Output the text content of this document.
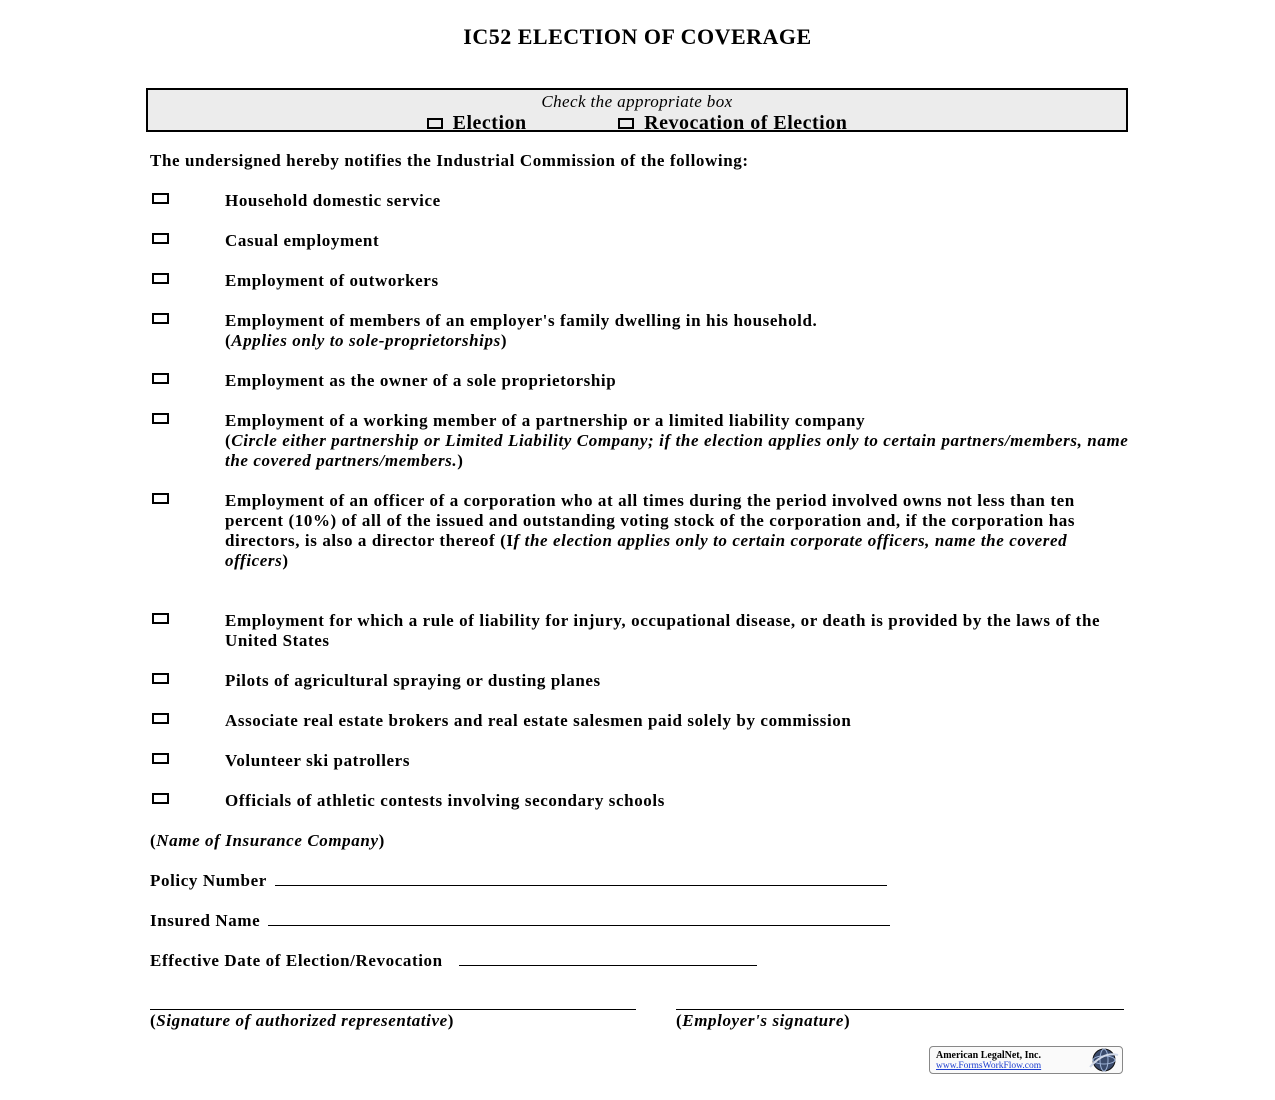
IC52 ELECTION OF COVERAGE
Check the appropriate box
Election	Revocation of Election
The undersigned hereby notifies the Industrial Commission of the following:
Household domestic service
Casual employment
Employment of outworkers
Employment of members of an employer's family dwelling in his household.
(Applies only to sole-proprietorships)
Employment as the owner of a sole proprietorship
Employment of a working member of a partnership or a limited liability company
(Circle either partnership or Limited Liability Company; if the election applies only to certain partners/members, name the covered partners/members.)
Employment of an officer of a corporation who at all times during the period involved owns not less than ten percent (10%) of all of the issued and outstanding voting stock of the corporation and, if the corporation has directors, is also a director thereof (If the election applies only to certain corporate officers, name the covered officers)
Employment for which a rule of liability for injury, occupational disease, or death is provided by the laws of the United States
Pilots of agricultural spraying or dusting planes
Associate real estate brokers and real estate salesmen paid solely by commission
Volunteer ski patrollers
Officials of athletic contests involving secondary schools
(Name of Insurance Company)
Policy Number
Insured Name
Effective Date of Election/Revocation
(Signature of authorized representative)	(Employer's signature)
American LegalNet, Inc.
www.FormsWorkFlow.com
